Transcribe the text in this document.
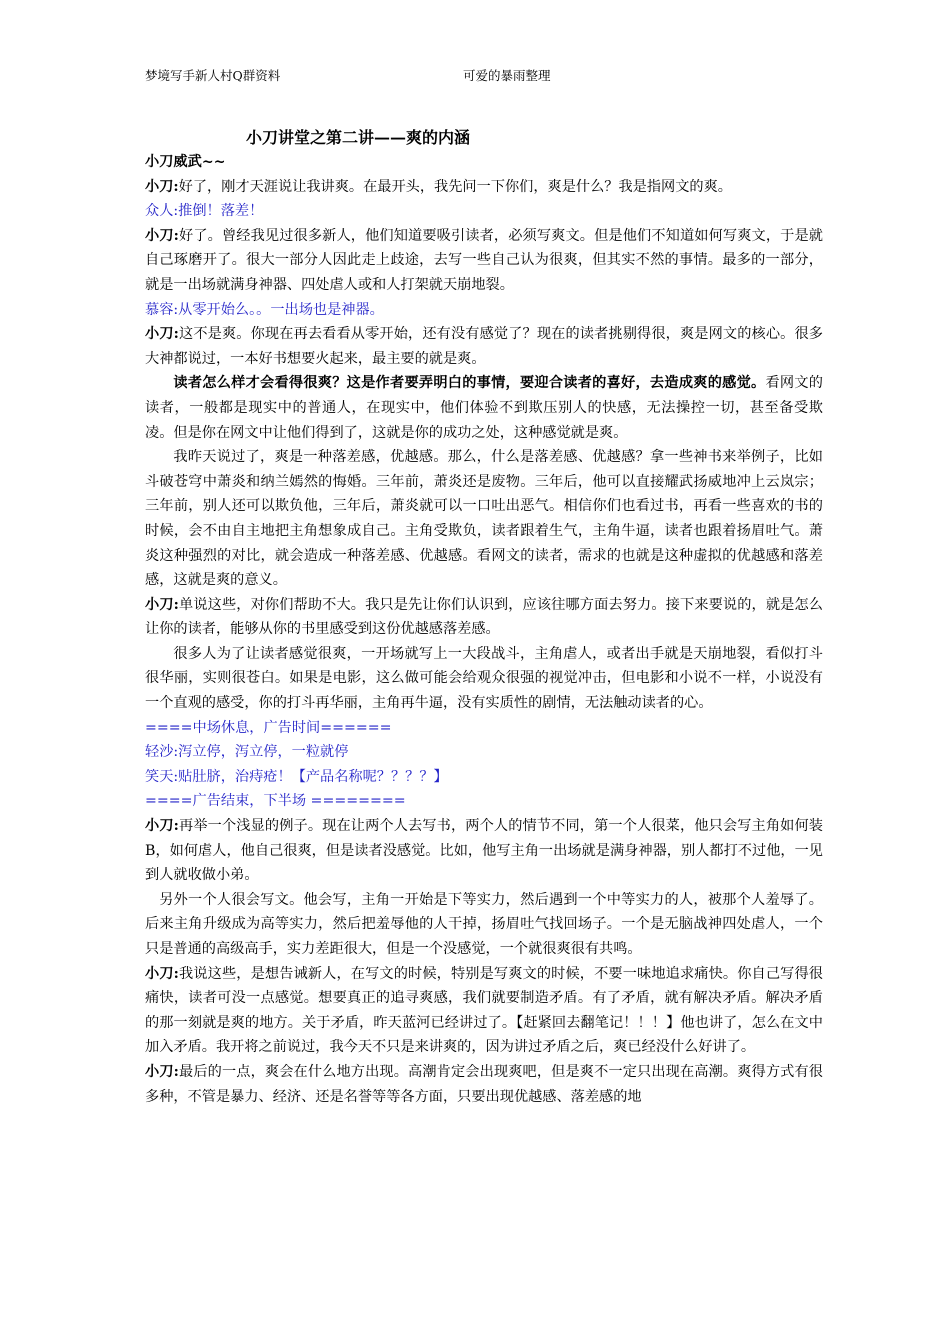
梦境写手新人村Q群资料	可爱的暴雨整理
小刀讲堂之第二讲——爽的内涵

小刀威武~~

小刀:好了，刚才天涯说让我讲爽。在最开头，我先问一下你们，爽是什么？我是指网文的爽。

众人:推倒！落差！

小刀:好了。曾经我见过很多新人，他们知道要吸引读者，必须写爽文。但是他们不知道如何写爽文，于是就自己琢磨开了。很大一部分人因此走上歧途，去写一些自己认为很爽，但其实不然的事情。最多的一部分，就是一出场就满身神器、四处虐人或和人打架就天崩地裂。

慕容:从零开始么。。一出场也是神器。

小刀:这不是爽。你现在再去看看从零开始，还有没有感觉了？现在的读者挑剔得很，爽是网文的核心。很多大神都说过，一本好书想要火起来，最主要的就是爽。

读者怎么样才会看得很爽？这是作者要弄明白的事情，要迎合读者的喜好，去造成爽的感觉。看网文的读者，一般都是现实中的普通人，在现实中，他们体验不到欺压别人的快感，无法操控一切，甚至备受欺凌。但是你在网文中让他们得到了，这就是你的成功之处，这种感觉就是爽。

我昨天说过了，爽是一种落差感，优越感。那么，什么是落差感、优越感？拿一些神书来举例子，比如斗破苍穹中萧炎和纳兰嫣然的悔婚。三年前，萧炎还是废物。三年后，他可以直接耀武扬威地冲上云岚宗；三年前，别人还可以欺负他，三年后，萧炎就可以一口吐出恶气。相信你们也看过书，再看一些喜欢的书的时候，会不由自主地把主角想象成自己。主角受欺负，读者跟着生气，主角牛逼，读者也跟着扬眉吐气。萧炎这种强烈的对比，就会造成一种落差感、优越感。看网文的读者，需求的也就是这种虚拟的优越感和落差感，这就是爽的意义。

小刀:单说这些，对你们帮助不大。我只是先让你们认识到，应该往哪方面去努力。接下来要说的，就是怎么让你的读者，能够从你的书里感受到这份优越感落差感。

很多人为了让读者感觉很爽，一开场就写上一大段战斗，主角虐人，或者出手就是天崩地裂，看似打斗很华丽，实则很苍白。如果是电影，这么做可能会给观众很强的视觉冲击，但电影和小说不一样，小说没有一个直观的感受，你的打斗再华丽，主角再牛逼，没有实质性的剧情，无法触动读者的心。

====中场休息，广告时间======

轻沙:泻立停，泻立停，一粒就停

笑天:贴肚脐，治痔疮！【产品名称呢？？？？】

====广告结束，下半场 ========

小刀:再举一个浅显的例子。现在让两个人去写书，两个人的情节不同，第一个人很菜，他只会写主角如何装B，如何虐人，他自己很爽，但是读者没感觉。比如，他写主角一出场就是满身神器，别人都打不过他，一见到人就收做小弟。

另外一个人很会写文。他会写，主角一开始是下等实力，然后遇到一个中等实力的人，被那个人羞辱了。后来主角升级成为高等实力，然后把羞辱他的人干掉，扬眉吐气找回场子。一个是无脑战神四处虐人，一个只是普通的高级高手，实力差距很大，但是一个没感觉，一个就很爽很有共鸣。

小刀:我说这些，是想告诫新人，在写文的时候，特别是写爽文的时候，不要一味地追求痛快。你自己写得很痛快，读者可没一点感觉。想要真正的追寻爽感，我们就要制造矛盾。有了矛盾，就有解决矛盾。解决矛盾的那一刻就是爽的地方。关于矛盾，昨天蓝河已经讲过了。【赶紧回去翻笔记！！！】他也讲了，怎么在文中加入矛盾。我开将之前说过，我今天不只是来讲爽的，因为讲过矛盾之后，爽已经没什么好讲了。

小刀:最后的一点，爽会在什么地方出现。高潮肯定会出现爽吧，但是爽不一定只出现在高潮。爽得方式有很多种，不管是暴力、经济、还是名誉等等各方面，只要出现优越感、落差感的地
